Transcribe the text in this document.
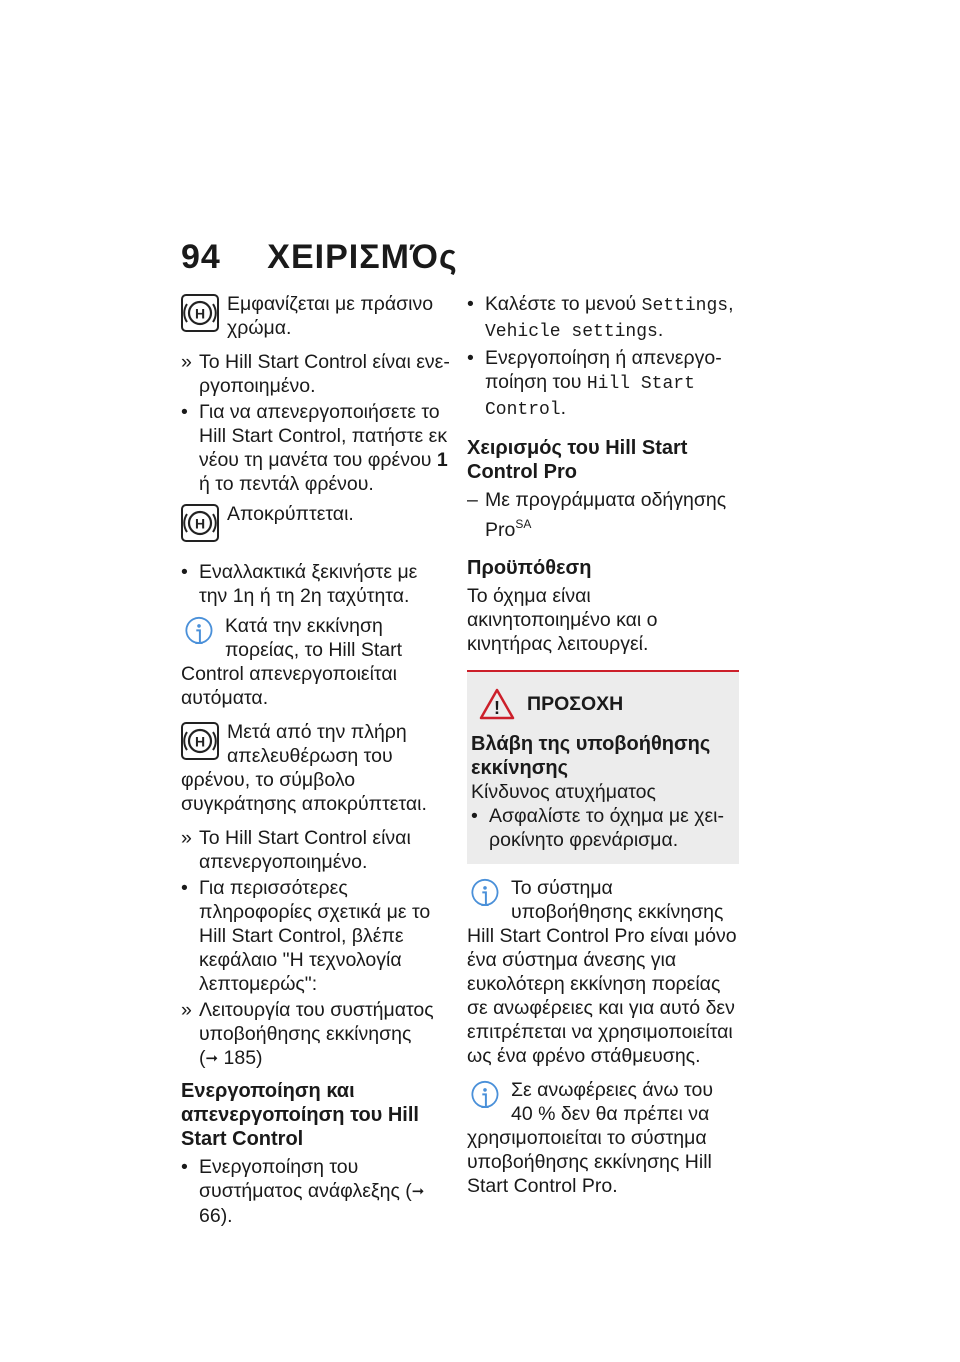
94 ΧΕΙΡΙΣΜΌς
H	Εμφανίζεται με πράσινο χρώμα.

» Το Hill Start Control είναι ενεργοποιημένο.
• Για να απενεργοποιήσετε το Hill Start Control, πατήστε εκ νέου τη μανέτα του φρένου 1 ή το πεντάλ φρένου.
H	Αποκρύπτεται.

• Εναλλακτικά ξεκινήστε με την 1η ή τη 2η ταχύτητα.

Κατά την εκκίνηση πορείας, το Hill Start Control απενεργοποιείται αυτόματα.

H	Μετά από την πλήρη απελευθέρωση του φρένου, το σύμβολο συγκράτησης αποκρύπτεται.

» Το Hill Start Control είναι απενεργοποιημένο.
• Για περισσότερες πληροφορίες σχετικά με το Hill Start Control, βλέπε κεφάλαιο "Η τεχνολογία λεπτομερώς":
» Λειτουργία του συστήματος υποβοήθησης εκκίνησης
(➞ 185)
Ενεργοποίηση και απενεργοποίηση του Hill Start Control
• Ενεργοποίηση του συστήματος ανάφλεξης (➞ 66).
• Καλέστε το μενού Settings, Vehicle settings.
• Ενεργοποίηση ή απενεργοποίηση του Hill Start Control.
Χειρισμός του Hill Start Control Pro
– Με προγράμματα οδήγησης Pro$^{SA}$
Προϋπόθεση

Το όχημα είναι ακινητοποιημένο και ο κινητήρας λειτουργεί.

! ΠΡΟΣΟΧΗ

Βλάβη της υποβοήθησης εκκίνησης

Κίνδυνος ατυχήματος

• Ασφαλίστε το όχημα με χειροκίνητο φρενάρισμα.

Το σύστημα υποβοήθησης εκκίνησης Hill Start Control Pro είναι μόνο ένα σύστημα άνεσης για ευκολότερη εκκίνηση πορείας σε ανωφέρειες και για αυτό δεν επιτρέπεται να χρησιμοποιείται ως ένα φρένο στάθμευσης.

Σε ανωφέρειες άνω του 40 % δεν θα πρέπει να χρησιμοποιείται το σύστημα υποβοήθησης εκκίνησης Hill Start Control Pro.
